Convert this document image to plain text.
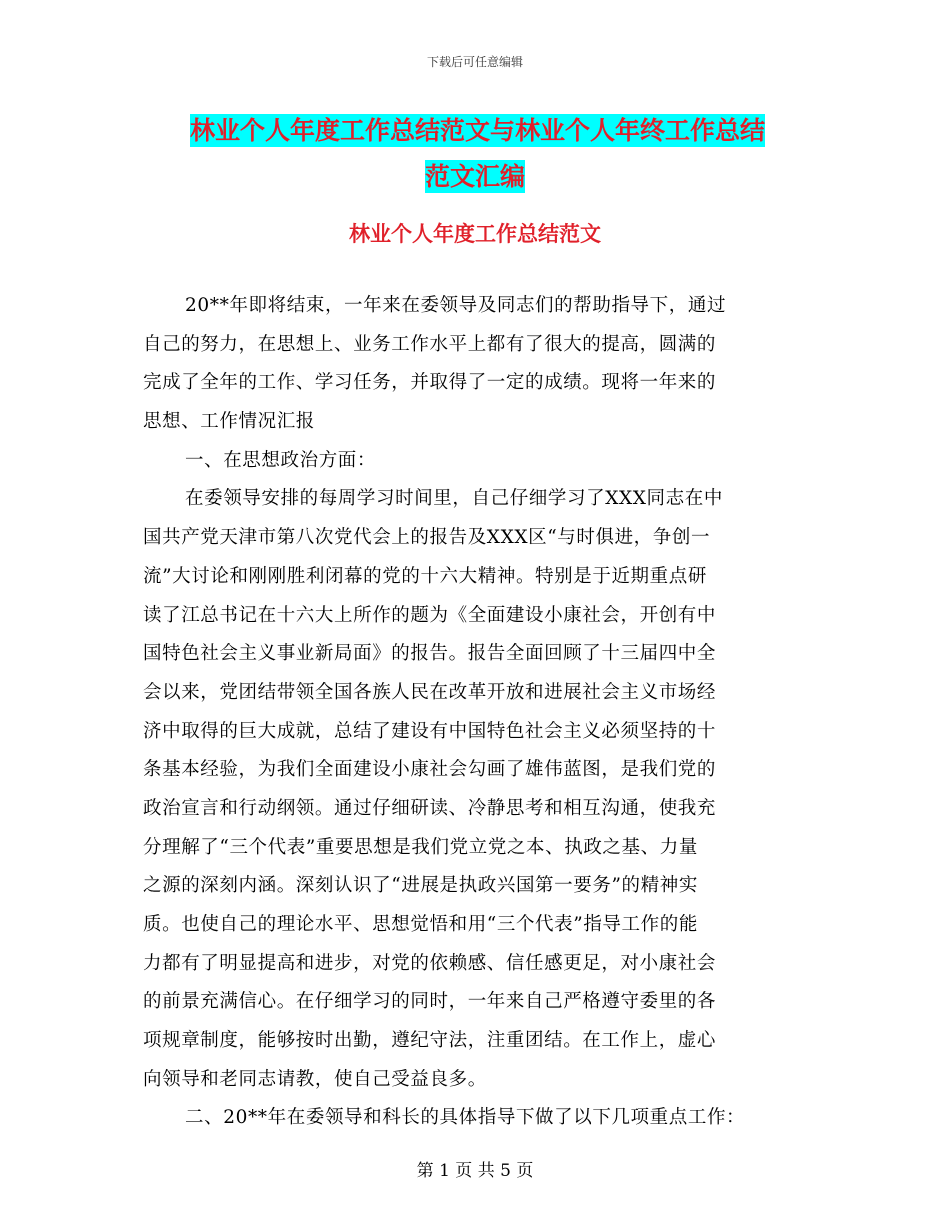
下载后可任意编辑
林业个人年度工作总结范文与林业个人年终工作总结
范文汇编
林业个人年度工作总结范文
20**年即将结束，一年来在委领导及同志们的帮助指导下，通过
自己的努力，在思想上、业务工作水平上都有了很大的提高，圆满的
完成了全年的工作、学习任务，并取得了一定的成绩。现将一年来的
思想、工作情况汇报
一、在思想政治方面：
在委领导安排的每周学习时间里，自己仔细学习了XXX同志在中
国共产党天津市第八次党代会上的报告及XXX区“与时俱进，争创一
流”大讨论和刚刚胜利闭幕的党的十六大精神。特别是于近期重点研
读了江总书记在十六大上所作的题为《全面建设小康社会，开创有中
国特色社会主义事业新局面》的报告。报告全面回顾了十三届四中全
会以来，党团结带领全国各族人民在改革开放和进展社会主义市场经
济中取得的巨大成就，总结了建设有中国特色社会主义必须坚持的十
条基本经验，为我们全面建设小康社会勾画了雄伟蓝图，是我们党的
政治宣言和行动纲领。通过仔细研读、冷静思考和相互沟通，使我充
分理解了“三个代表”重要思想是我们党立党之本、执政之基、力量
之源的深刻内涵。深刻认识了“进展是执政兴国第一要务”的精神实
质。也使自己的理论水平、思想觉悟和用“三个代表”指导工作的能
力都有了明显提高和进步，对党的依赖感、信任感更足，对小康社会
的前景充满信心。在仔细学习的同时，一年来自己严格遵守委里的各
项规章制度，能够按时出勤，遵纪守法，注重团结。在工作上，虚心
向领导和老同志请教，使自己受益良多。
二、20**年在委领导和科长的具体指导下做了以下几项重点工作：
第 1 页 共 5 页
